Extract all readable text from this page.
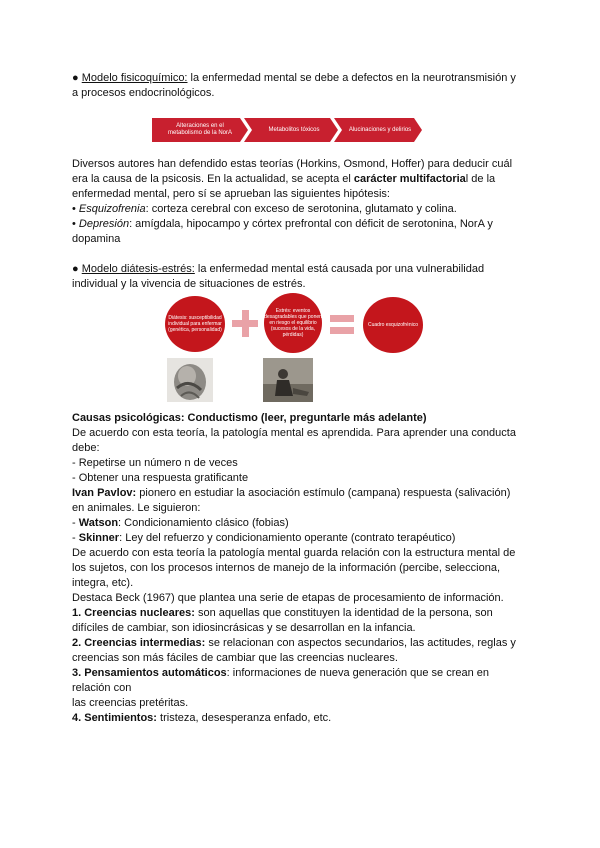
● Modelo fisicoquímico: la enfermedad mental se debe a defectos en la neurotransmisión y
a procesos endocrinológicos.
Alteraciones en el metabolismo de la NorA
Metabolitos tóxicos	Alucinaciones y delirios
Diversos autores han defendido estas teorías (Horkins, Osmond, Hoffer) para deducir cuál
era la causa de la psicosis. En la actualidad, se acepta el carácter multifactorial de la
enfermedad mental, pero sí se aprueban las siguientes hipótesis:
• Esquizofrenia: corteza cerebral con exceso de serotonina, glutamato y colina.
• Depresión: amígdala, hipocampo y córtex prefrontal con déficit de serotonina, NorA y
dopamina
● Modelo diátesis-estrés: la enfermedad mental está causada por una vulnerabilidad
individual y la vivencia de situaciones de estrés.
Diátesis: susceptibilidad individual para enfermar (genética, personalidad)
Estrés: eventos desagradables que ponen en riesgo el equilibrio (sucesos de la vida, pérdidas)
Cuadro esquizofrénico
Causas psicológicas: Conductismo (leer, preguntarle más adelante)
De acuerdo con esta teoría, la patología mental es aprendida. Para aprender una conducta
debe:
- Repetirse un número n de veces
- Obtener una respuesta gratificante
Ivan Pavlov: pionero en estudiar la asociación estímulo (campana) respuesta (salivación)
en animales. Le siguieron:
- Watson: Condicionamiento clásico (fobias)
- Skinner: Ley del refuerzo y condicionamiento operante (contrato terapéutico)
De acuerdo con esta teoría la patología mental guarda relación con la estructura mental de
los sujetos, con los procesos internos de manejo de la información (percibe, selecciona,
integra, etc).
Destaca Beck (1967) que plantea una serie de etapas de procesamiento de información.
1. Creencias nucleares: son aquellas que constituyen la identidad de la persona, son
difíciles de cambiar, son idiosincrásicas y se desarrollan en la infancia.
2. Creencias intermedias: se relacionan con aspectos secundarios, las actitudes, reglas y
creencias son más fáciles de cambiar que las creencias nucleares.
3. Pensamientos automáticos: informaciones de nueva generación que se crean en
relación con
las creencias pretéritas.
4. Sentimientos: tristeza, desesperanza enfado, etc.
